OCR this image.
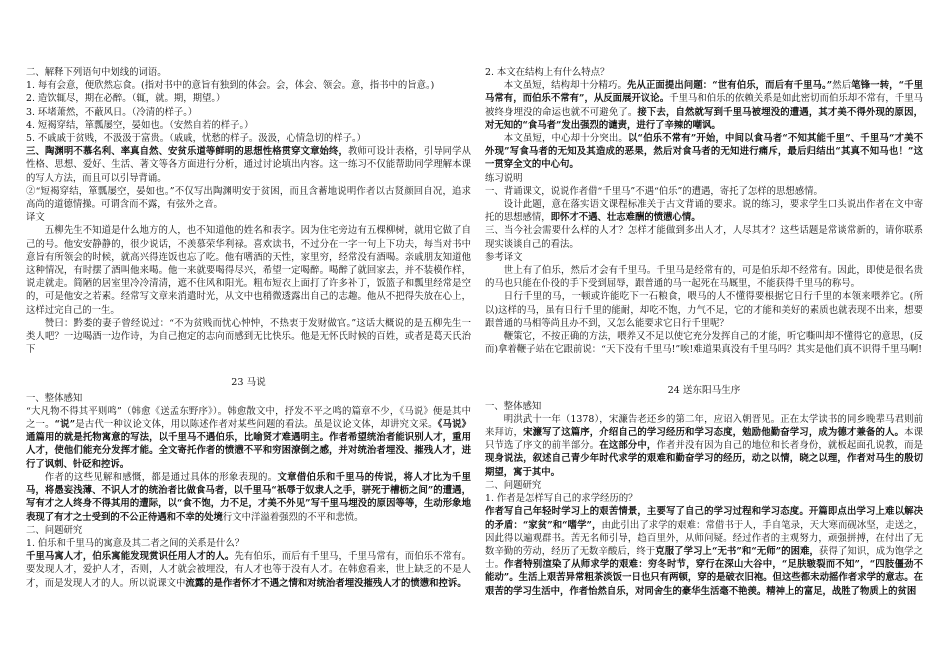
二、解释下列语句中划线的词语。

1. 每有会意，便欣然忘食。(指对书中的意旨有独到的体会。会，体会、领会。意，指书中的旨意。)

2. 造饮辄尽，期在必醉。（辄，就。期，期望。）

3. 环堵萧然，不蔽风日。（冷清的样子。）

4. 短褐穿结，箪瓢屡空，晏如也。（安然自若的样子。）

5. 不戚戚于贫贱，不汲汲于富贵。（戚戚，忧愁的样子。汲汲，心情急切的样子。）

三、陶渊明不慕名利、率真自然、安贫乐道等鲜明的思想性格贯穿文章始终，教师可设计表格，引导同学从性格、思想、爱好、生活、著文等各方面进行分析，通过讨论填出内容。这一练习不仅能帮助同学理解本课的写人方法，而且可以引导背诵。

②“短褐穿结，箪瓢屡空，晏如也。”不仅写出陶渊明安于贫困，而且含蓄地说明作者以古贤颜回自况，追求高尚的道德情操。可谓含而不露，有弦外之音。

译文

五柳先生不知道是什么地方的人，也不知道他的姓名和表字。因为住宅旁边有五棵柳树，就用它做了自己的号。他安安静静的，很少说话，不羡慕荣华利禄。喜欢读书，不过分在一字一句上下功夫，每当对书中意旨有所领会的时候，就高兴得连饭也忘了吃。他有嗜酒的天性，家里穷，经常没有酒喝。亲戚朋友知道他这种情况，有时摆了酒叫他来喝。他一来就要喝得尽兴，希望一定喝醉。喝醉了就回家去，并不装模作样，说走就走。简陋的居室里冷冷清清，遮不住风和阳光。粗布短衣上面打了许多补丁，饭篮子和瓢里经常是空的，可是他安之若素。经常写文章来消遣时光，从文中也稍微透露出自己的志趣。他从不把得失放在心上，这样过完自己的一生。

赞曰：黔娄的妻子曾经说过：“不为贫贱而忧心忡忡，不热衷于发财做官。”这话大概说的是五柳先生一类人吧？一边喝酒一边作诗，为自己抱定的志向而感到无比快乐。他是无怀氏时候的百姓，或者是葛天氏治下

23 马说

一、整体感知

“大凡物不得其平则鸣”（韩愈《送孟东野序》）。韩愈散文中，抒发不平之鸣的篇章不少，《马说》便是其中之一。“说”是古代一种议论文体，用以陈述作者对某些问题的看法。虽是议论文体，却讲究文采。《马说》通篇用的就是托物寓意的写法，以千里马不遇伯乐，比喻贤才难遇明主。作者希望统治者能识别人才，重用人才，使他们能充分发挥才能。全文寄托作者的愤懑不平和穷困潦倒之感，并对统治者埋没、摧残人才，进行了讽刺、针砭和控诉。

作者的这些见解和感慨，都是通过具体的形象表现的。文章借伯乐和千里马的传说，将人才比为千里马，将愚妄浅薄、不识人才的统治者比做食马者，以千里马“祇辱于奴隶人之手，骈死于槽枥之间”的遭遇，写有才之人终身不得其用的遭际，以“食不饱，力不足，才美不外见”写千里马埋没的原因等等，生动形象地表现了有才之士受到的不公正待遇和不幸的处境行文中洋溢着强烈的不平和悲愤。

二、问题研究

1. 伯乐和千里马的寓意及其二者之间的关系是什么？

千里马寓人才，伯乐寓能发现赏识任用人才的人。先有伯乐，而后有千里马，千里马常有，而伯乐不常有。要发现人才，爱护人才，否则，人才就会被埋没，有人才也等于没有人才。在韩愈看来，世上缺乏的不是人才，而是发现人才的人。所以说课文中流露的是作者怀才不遇之情和对统治者埋没摧残人才的愤懑和控诉。

2. 本文在结构上有什么特点？

本文虽短，结构却十分精巧。先从正面提出问题：“世有伯乐，而后有千里马。”然后笔锋一转，“千里马常有，而伯乐不常有”，从反面展开议论。千里马和伯乐的依赖关系是如此密切而伯乐却不常有，千里马被终身埋没的命运也就不可避免了。接下去，自然就写到千里马被埋没的遭遇，其才美不得外现的原因，对无知的“食马者”发出强烈的谴责，进行了辛辣的嘲讽。

本文虽短，中心却十分突出。以“伯乐不常有”开始，中间以食马者“不知其能千里”、千里马“才美不外现”写食马者的无知及其造成的恶果，然后对食马者的无知进行痛斥，最后归结出“其真不知马也！”这一贯穿全文的中心句。

练习说明

一、背诵课文，说说作者借“千里马”不遇“伯乐”的遭遇，寄托了怎样的思想感情。

设计此题，意在落实语文课程标准关于古文背诵的要求。说的练习，要求学生口头说出作者在文中寄托的思想感情，即怀才不遇、壮志难酬的愤懑心情。

三、当今社会需要什么样的人才？怎样才能做到多出人才，人尽其才？这些话题是常谈常新的，请你联系现实谈谈自己的看法。

参考译文

世上有了伯乐，然后才会有千里马。千里马是经常有的，可是伯乐却不经常有。因此，即使是很名贵的马也只能在仆役的手下受到屈辱，跟普通的马一起死在马厩里，不能获得千里马的称号。

日行千里的马，一顿或许能吃下一石粮食，喂马的人不懂得要根据它日行千里的本领来喂养它。(所以)这样的马，虽有日行千里的能耐，却吃不饱，力气不足，它的才能和美好的素质也就表现不出来，想要跟普通的马相等尚且办不到，又怎么能要求它日行千里呢？

鞭策它，不按正确的方法，喂养又不足以使它充分发挥自己的才能，听它嘶叫却不懂得它的意思，(反而)拿着鞭子站在它跟前说：“天下没有千里马!”唉!难道果真没有千里马吗？其实是他们真不识得千里马啊!

24 送东阳马生序

一、整体感知

明洪武十一年（1378），宋濂告老还乡的第二年，应诏入朝晋见。正在太学读书的同乡晚辈马君则前来拜访，宋濂写了这篇序，介绍自己的学习经历和学习态度，勉励他勤奋学习，成为德才兼备的人。本课只节选了序文的前半部分。在这部分中，作者并没有因为自己的地位和长者身份，就板起面孔说教，而是现身说法，叙述自己青少年时代求学的艰难和勤奋学习的经历，动之以情，晓之以理，作者对马生的殷切期望，寓于其中。

二、问题研究

1. 作者是怎样写自己的求学经历的？

作者写自己年轻时学习上的艰苦情景，主要写了自己的学习过程和学习态度。开篇即点出学习上难以解决的矛盾：“家贫”和“嗜学”，由此引出了求学的艰难：常借书于人，手自笔录，天大寒而砚冰坚，走送之，因此得以遍观群书。苦无名师引导，趋百里外，从师问疑。经过作者的主观努力，顽强拼搏，在付出了无数辛勤的劳动，经历了无数辛酸后，终于克服了学习上“无书”和“无师”的困难，获得了知识，成为饱学之士。作者特别渲染了从师求学的艰难：穷冬时节，穿行在深山大谷中，“足肤皲裂而不知”，“四肢僵劲不能动”。生活上艰苦异常粗茶淡饭一日也只有两顿，穿的是破衣旧袍。但这些都未动摇作者求学的意志。在艰苦的学习生活中，作者怡然自乐，对同舍生的豪华生活毫不艳羡。精神上的富足，战胜了物质上的贫困
